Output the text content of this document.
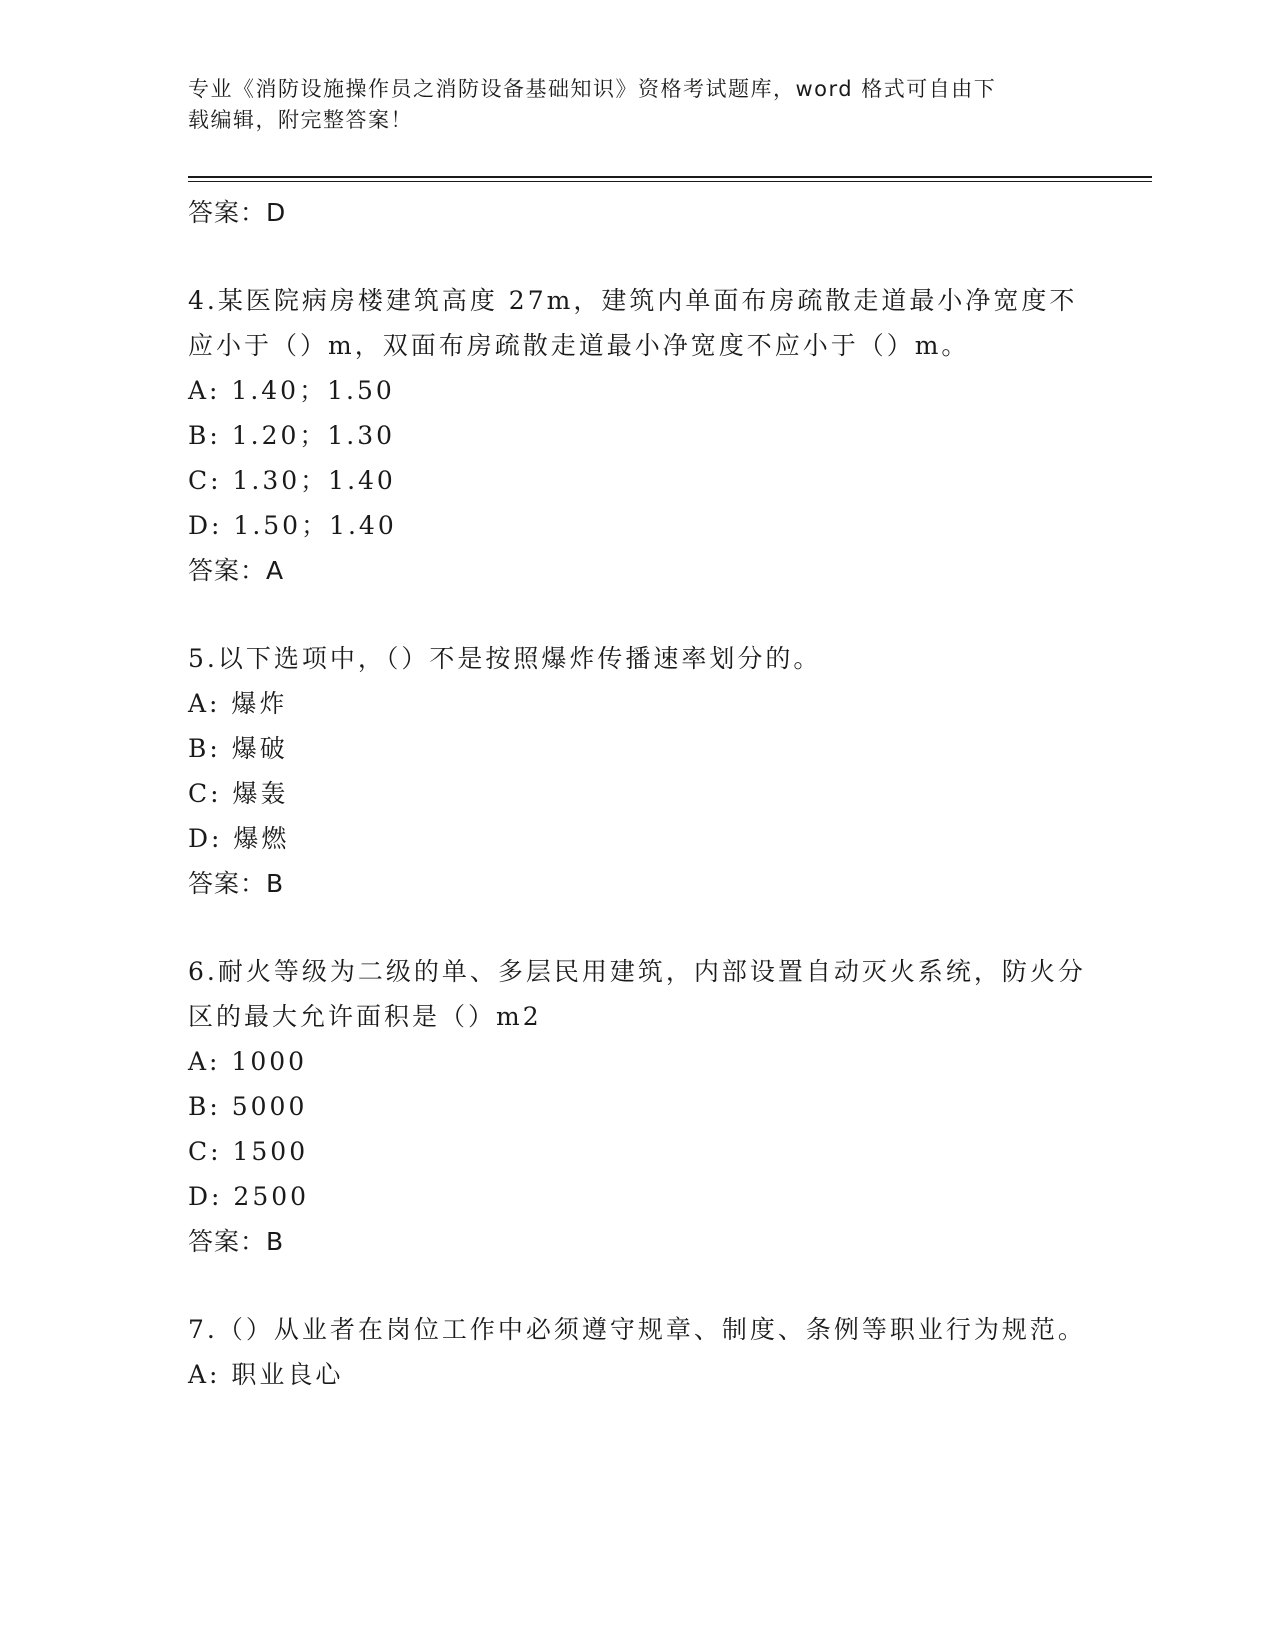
专业《消防设施操作员之消防设备基础知识》资格考试题库，word 格式可自由下
载编辑，附完整答案！
答案：D
4.某医院病房楼建筑高度 27m，建筑内单面布房疏散走道最小净宽度不应小于（）m，双面布房疏散走道最小净宽度不应小于（）m。
A: 1.40；1.50
B: 1.20；1.30
C: 1.30；1.40
D: 1.50；1.40
答案：A
5.以下选项中，（）不是按照爆炸传播速率划分的。
A: 爆炸
B: 爆破
C: 爆轰
D: 爆燃
答案：B
6.耐火等级为二级的单、多层民用建筑，内部设置自动灭火系统，防火分区的最大允许面积是（）m2
A: 1000
B: 5000
C: 1500
D: 2500
答案：B
7.（）从业者在岗位工作中必须遵守规章、制度、条例等职业行为规范。
A: 职业良心
